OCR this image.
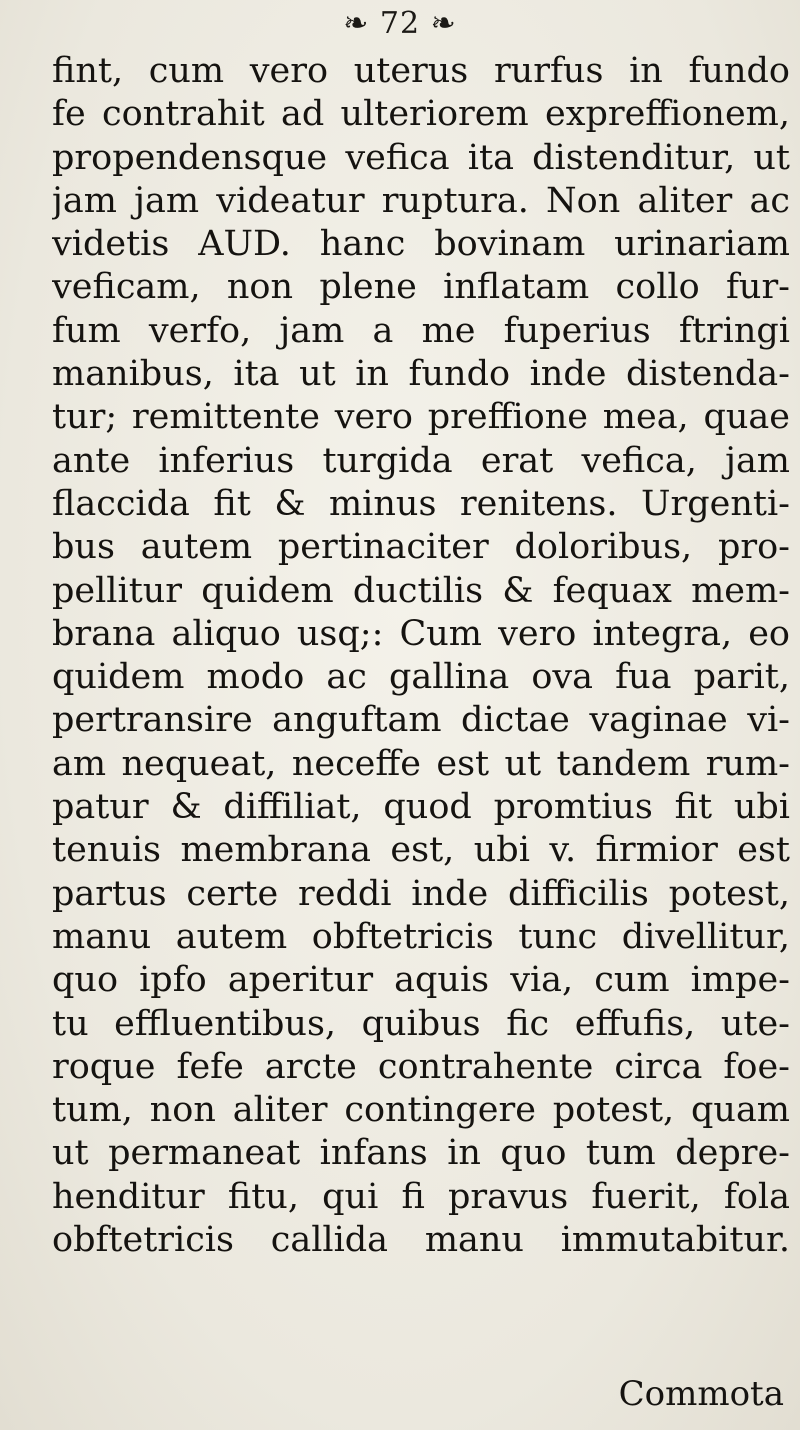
❧ 72 ❧
fint, cum vero uterus rurfus in fundo
fe contrahit ad ulteriorem expreffionem,
propendensque vefica ita distenditur, ut
jam jam videatur ruptura. Non aliter ac
videtis AUD. hanc bovinam urinariam
veficam, non plene inflatam collo fur-
fum verfo, jam a me fuperius ftringi
manibus, ita ut in fundo inde distenda-
tur; remittente vero preffione mea, quae
ante inferius turgida erat vefica, jam
flaccida fit & minus renitens. Urgenti-
bus autem pertinaciter doloribus, pro-
pellitur quidem ductilis & fequax mem-
brana aliquo usq;: Cum vero integra, eo
quidem modo ac gallina ova fua parit,
pertransire anguftam dictae vaginae vi-
am nequeat, neceffe est ut tandem rum-
patur & diffiliat, quod promtius fit ubi
tenuis membrana est, ubi v. firmior est
partus certe reddi inde difficilis potest,
manu autem obftetricis tunc divellitur,
quo ipfo aperitur aquis via, cum impe-
tu effluentibus, quibus fic effufis, ute-
roque fefe arcte contrahente circa foe-
tum, non aliter contingere potest, quam
ut permaneat infans in quo tum depre-
henditur fitu, qui fi pravus fuerit, fola
obftetricis callida manu immutabitur.
Commota
